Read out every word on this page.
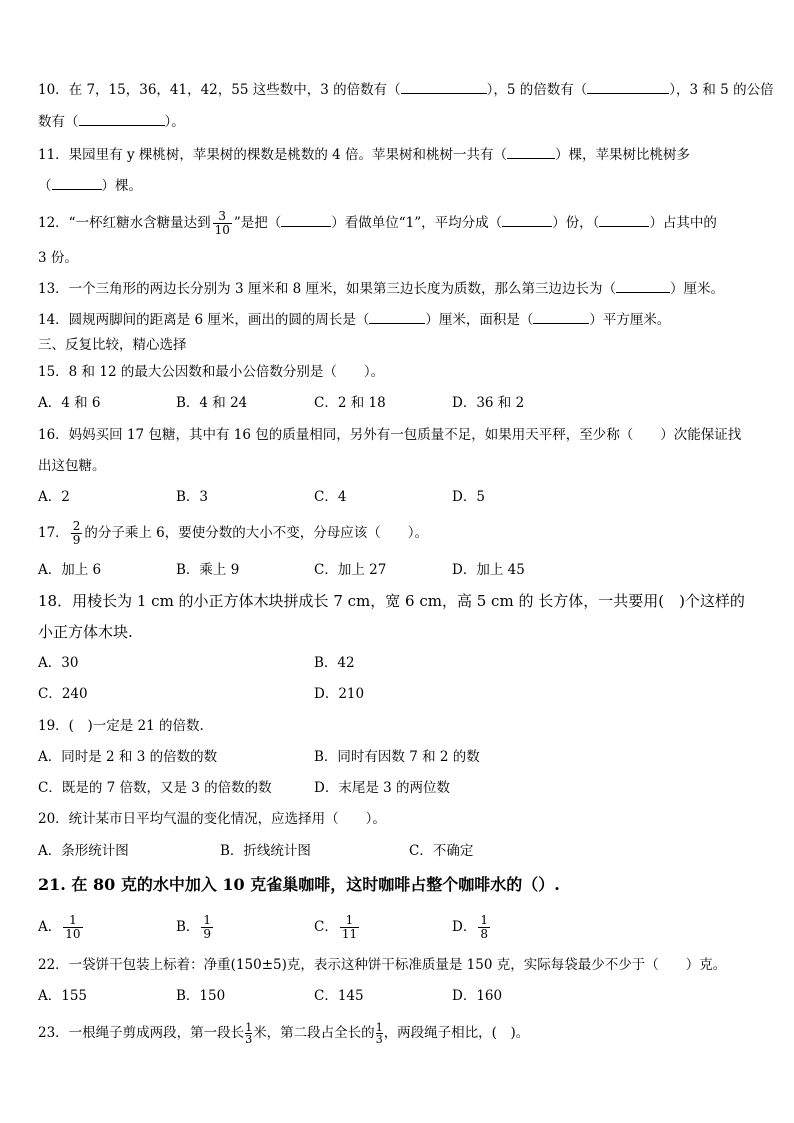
10．在 7，15，36，41，42，55 这些数中，3 的倍数有（	），5 的倍数有（	），3 和 5 的公倍
数有（	）。
11．果园里有 y 棵桃树，苹果树的棵数是桃数的 4 倍。苹果树和桃树一共有（	）棵，苹果树比桃树多
（	）棵。
12．“一杯红糖水含糖量达到 $\frac{3}{10}$ ”是把（	）看做单位“1”，平均分成（	）份，（	）占其中的
3 份。
13．一个三角形的两边长分别为 3 厘米和 8 厘米，如果第三边长度为质数，那么第三边边长为（	）厘米。
14．圆规两脚间的距离是 6 厘米，画出的圆的周长是（	）厘米，面积是（	）平方厘米。
三、反复比较，精心选择
15．8 和 12 的最大公因数和最小公倍数分别是（　　）。
A．4 和 6	B．4 和 24	C．2 和 18	D．36 和 2
16．妈妈买回 17 包糖，其中有 16 包的质量相同，另外有一包质量不足，如果用天平秤，至少称（　　）次能保证找
出这包糖。
A．2	B．3	C．4	D．5
17． $\frac{2}{9}$ 的分子乘上 6，要使分数的大小不变，分母应该（　　）。
A．加上 6	B．乘上 9	C．加上 27	D．加上 45
18．用棱长为 1 cm 的小正方体木块拼成长 7 cm，宽 6 cm，高 5 cm 的 长方体，一共要用(　)个这样的
小正方体木块.
A．30	B．42
C．240	D．210
19．(　)一定是 21 的倍数.
A．同时是 2 和 3 的倍数的数	B．同时有因数 7 和 2 的数
C．既是的 7 倍数，又是 3 的倍数的数	D．末尾是 3 的两位数
20．统计某市日平均气温的变化情况，应选择用（　　）。
A．条形统计图	B．折线统计图	C．不确定
21. 在 80 克的水中加入 10 克雀巢咖啡，这时咖啡占整个咖啡水的（）.
A． $\frac{1}{10}$	B． $\frac{1}{9}$	C． $\frac{1}{11}$	D． $\frac{1}{8}$
22．一袋饼干包装上标着：净重(150±5)克，表示这种饼干标准质量是 150 克，实际每袋最少不少于（　　）克。
A．155	B．150	C．145	D．160
23．一根绳子剪成两段，第一段长 $\frac{1}{3}$ 米，第二段占全长的 $\frac{1}{3}$ ，两段绳子相比，(　)。
